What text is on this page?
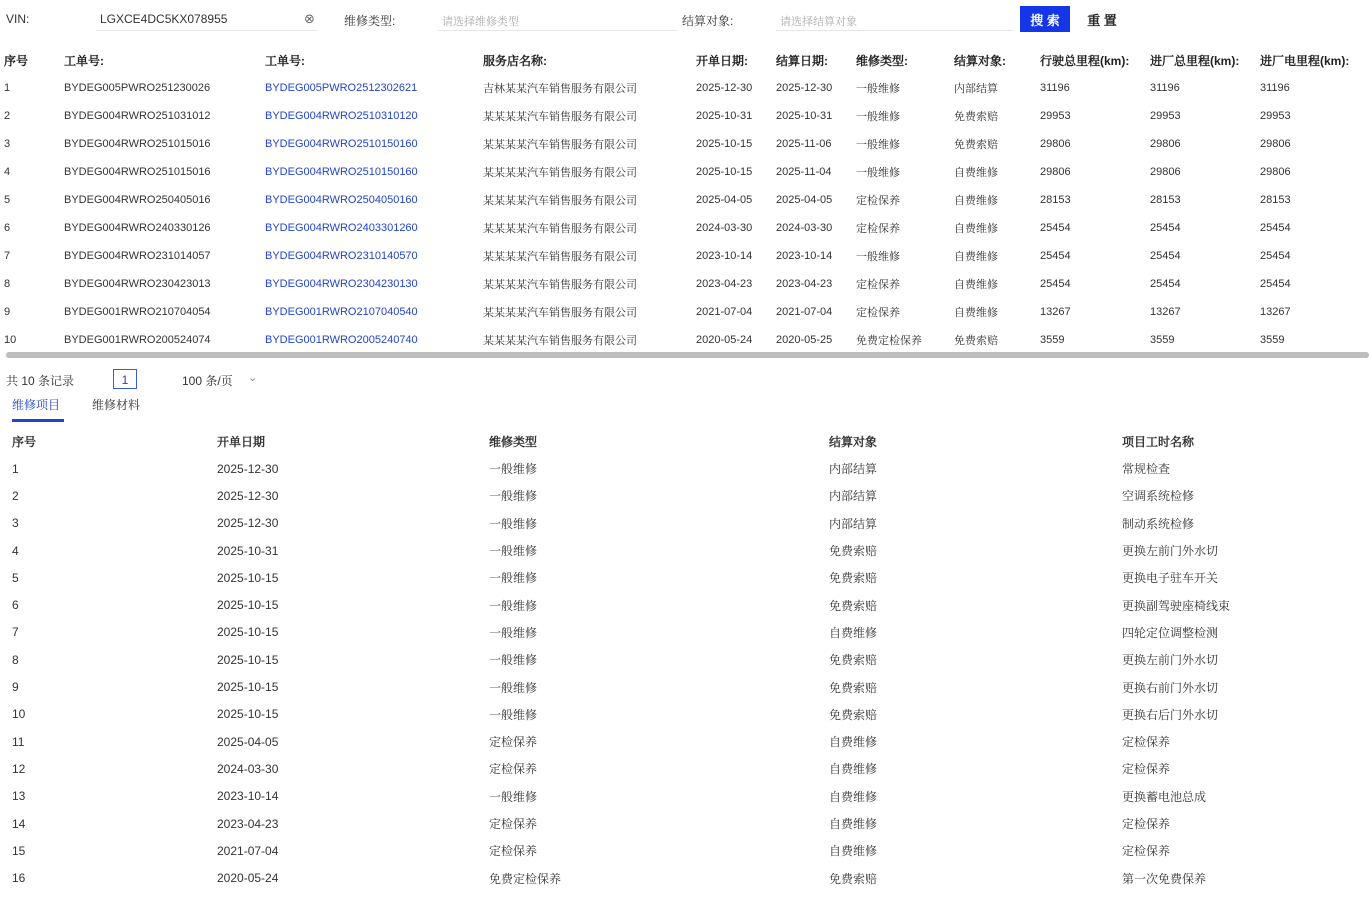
VIN:	LGXCE4DC5KX078955	⊗ 维修类型:	请选择维修类型	结算对象:	请选择结算对象	搜 索	重 置
序号	工单号:	工单号:	服务店名称:	开单日期:	结算日期:	维修类型:	结算对象:	行驶总里程(km):	进厂总里程(km):	进厂电里程(km):
1	BYDEG005PWRO251230026	BYDEG005PWRO2512302621	吉林某某汽车销售服务有限公司	2025-12-30	2025-12-30	一般维修	内部结算	31196	31196	31196
2	BYDEG004RWRO251031012	BYDEG004RWRO2510310120	某某某某汽车销售服务有限公司	2025-10-31	2025-10-31	一般维修	免费索赔	29953	29953	29953
3	BYDEG004RWRO251015016	BYDEG004RWRO2510150160	某某某某汽车销售服务有限公司	2025-10-15	2025-11-06	一般维修	免费索赔	29806	29806	29806
4	BYDEG004RWRO251015016	BYDEG004RWRO2510150160	某某某某汽车销售服务有限公司	2025-10-15	2025-11-04	一般维修	自费维修	29806	29806	29806
5	BYDEG004RWRO250405016	BYDEG004RWRO2504050160	某某某某汽车销售服务有限公司	2025-04-05	2025-04-05	定检保养	自费维修	28153	28153	28153
6	BYDEG004RWRO240330126	BYDEG004RWRO2403301260	某某某某汽车销售服务有限公司	2024-03-30	2024-03-30	定检保养	自费维修	25454	25454	25454
7	BYDEG004RWRO231014057	BYDEG004RWRO2310140570	某某某某汽车销售服务有限公司	2023-10-14	2023-10-14	一般维修	自费维修	25454	25454	25454
8	BYDEG004RWRO230423013	BYDEG004RWRO2304230130	某某某某汽车销售服务有限公司	2023-04-23	2023-04-23	定检保养	自费维修	25454	25454	25454
9	BYDEG001RWRO210704054	BYDEG001RWRO2107040540	某某某某汽车销售服务有限公司	2021-07-04	2021-07-04	定检保养	自费维修	13267	13267	13267
10	BYDEG001RWRO200524074	BYDEG001RWRO2005240740	某某某某汽车销售服务有限公司	2020-05-24	2020-05-25	免费定检保养	免费索赔	3559	3559	3559
共 10 条记录	1	100 条/页 ⌄
维修项目	维修材料
序号	开单日期	维修类型	结算对象	项目工时名称
1	2025-12-30	一般维修	内部结算	常规检查
2	2025-12-30	一般维修	内部结算	空调系统检修
3	2025-12-30	一般维修	内部结算	制动系统检修
4	2025-10-31	一般维修	免费索赔	更换左前门外水切
5	2025-10-15	一般维修	免费索赔	更换电子驻车开关
6	2025-10-15	一般维修	免费索赔	更换副驾驶座椅线束
7	2025-10-15	一般维修	自费维修	四轮定位调整检测
8	2025-10-15	一般维修	免费索赔	更换左前门外水切
9	2025-10-15	一般维修	免费索赔	更换右前门外水切
10	2025-10-15	一般维修	免费索赔	更换右后门外水切
11	2025-04-05	定检保养	自费维修	定检保养
12	2024-03-30	定检保养	自费维修	定检保养
13	2023-10-14	一般维修	自费维修	更换蓄电池总成
14	2023-04-23	定检保养	自费维修	定检保养
15	2021-07-04	定检保养	自费维修	定检保养
16	2020-05-24	免费定检保养	免费索赔	第一次免费保养
